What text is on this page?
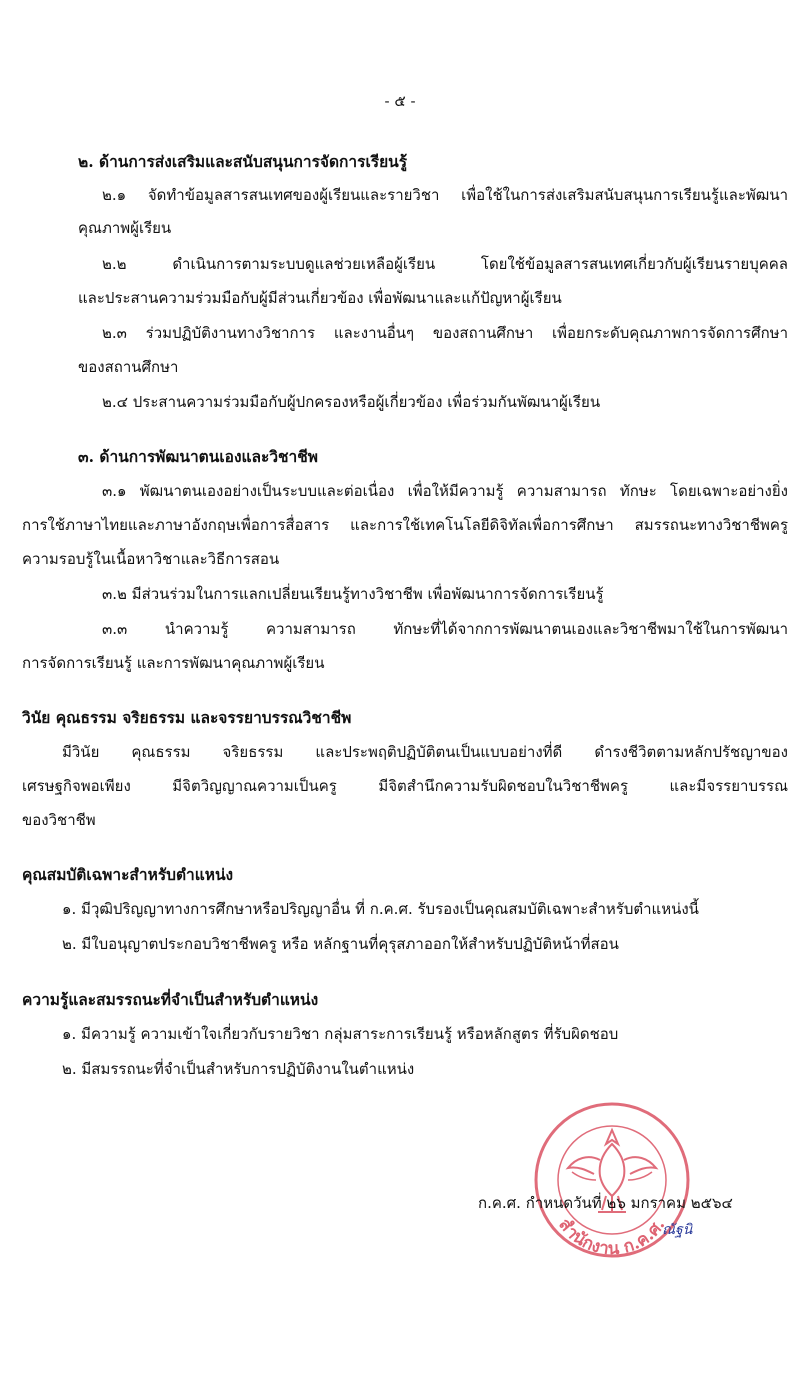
- ๕ -
๒. ด้านการส่งเสริมและสนับสนุนการจัดการเรียนรู้
๒.๑ จัดทำข้อมูลสารสนเทศของผู้เรียนและรายวิชา เพื่อใช้ในการส่งเสริมสนับสนุนการเรียนรู้และพัฒนา
คุณภาพผู้เรียน
๒.๒ ดำเนินการตามระบบดูแลช่วยเหลือผู้เรียน โดยใช้ข้อมูลสารสนเทศเกี่ยวกับผู้เรียนรายบุคคล
และประสานความร่วมมือกับผู้มีส่วนเกี่ยวข้อง เพื่อพัฒนาและแก้ปัญหาผู้เรียน
๒.๓ ร่วมปฏิบัติงานทางวิชาการ และงานอื่นๆ ของสถานศึกษา เพื่อยกระดับคุณภาพการจัดการศึกษา
ของสถานศึกษา
๒.๔ ประสานความร่วมมือกับผู้ปกครองหรือผู้เกี่ยวข้อง เพื่อร่วมกันพัฒนาผู้เรียน
๓. ด้านการพัฒนาตนเองและวิชาชีพ
๓.๑ พัฒนาตนเองอย่างเป็นระบบและต่อเนื่อง เพื่อให้มีความรู้ ความสามารถ ทักษะ โดยเฉพาะอย่างยิ่ง
การใช้ภาษาไทยและภาษาอังกฤษเพื่อการสื่อสาร และการใช้เทคโนโลยีดิจิทัลเพื่อการศึกษา สมรรถนะทางวิชาชีพครู
ความรอบรู้ในเนื้อหาวิชาและวิธีการสอน
๓.๒ มีส่วนร่วมในการแลกเปลี่ยนเรียนรู้ทางวิชาชีพ เพื่อพัฒนาการจัดการเรียนรู้
๓.๓ นำความรู้ ความสามารถ ทักษะที่ได้จากการพัฒนาตนเองและวิชาชีพมาใช้ในการพัฒนา
การจัดการเรียนรู้ และการพัฒนาคุณภาพผู้เรียน
วินัย คุณธรรม จริยธรรม และจรรยาบรรณวิชาชีพ
มีวินัย คุณธรรม จริยธรรม และประพฤติปฏิบัติตนเป็นแบบอย่างที่ดี ดำรงชีวิตตามหลักปรัชญาของ
เศรษฐกิจพอเพียง มีจิตวิญญาณความเป็นครู มีจิตสำนึกความรับผิดชอบในวิชาชีพครู และมีจรรยาบรรณ
ของวิชาชีพ
คุณสมบัติเฉพาะสำหรับตำแหน่ง
๑. มีวุฒิปริญญาทางการศึกษาหรือปริญญาอื่น ที่ ก.ค.ศ. รับรองเป็นคุณสมบัติเฉพาะสำหรับตำแหน่งนี้
๒. มีใบอนุญาตประกอบวิชาชีพครู หรือ หลักฐานที่คุรุสภาออกให้สำหรับปฏิบัติหน้าที่สอน
ความรู้และสมรรถนะที่จำเป็นสำหรับตำแหน่ง
๑. มีความรู้ ความเข้าใจเกี่ยวกับรายวิชา กลุ่มสาระการเรียนรู้ หรือหลักสูตร ที่รับผิดชอบ
๒. มีสมรรถนะที่จำเป็นสำหรับการปฏิบัติงานในตำแหน่ง
สำนักงาน ก.ค.ศ.
ก.ค.ศ. กำหนดวันที่ ๒๖ มกราคม ๒๕๖๔
ณัฐนิ
